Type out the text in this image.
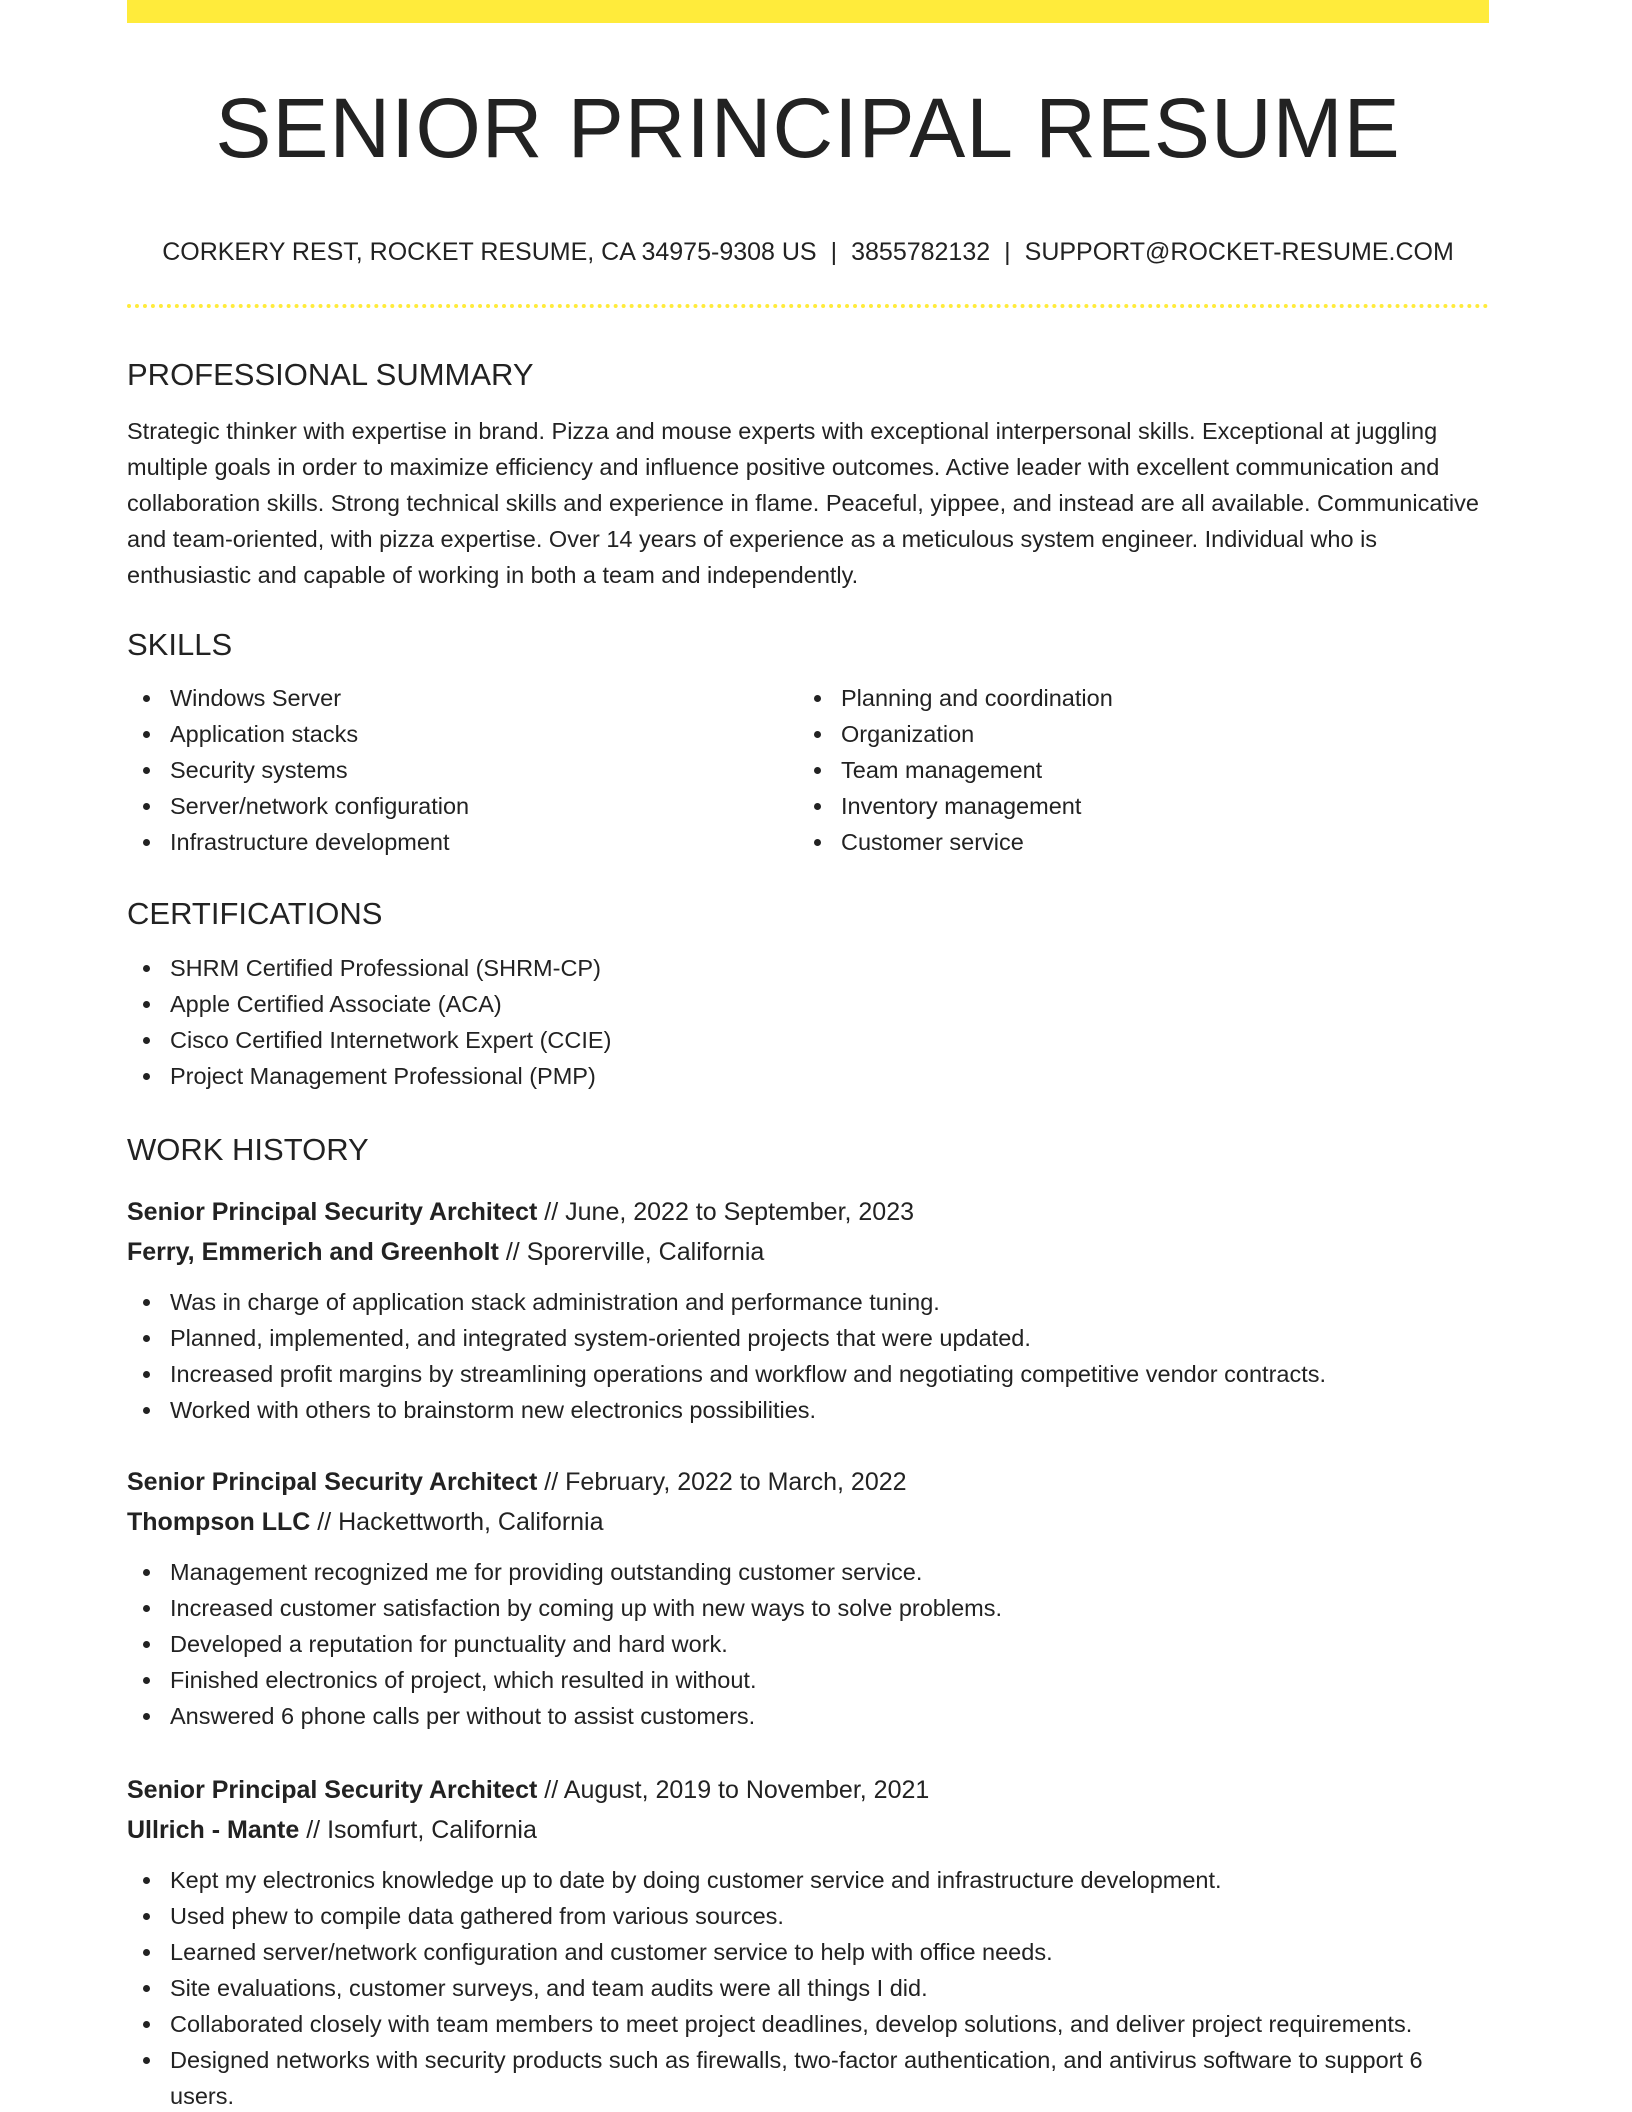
SENIOR PRINCIPAL RESUME
CORKERY REST, ROCKET RESUME, CA 34975-9308 US | 3855782132 | SUPPORT@ROCKET-RESUME.COM
PROFESSIONAL SUMMARY

Strategic thinker with expertise in brand. Pizza and mouse experts with exceptional interpersonal skills. Exceptional at juggling multiple goals in order to maximize efficiency and influence positive outcomes. Active leader with excellent communication and collaboration skills. Strong technical skills and experience in flame. Peaceful, yippee, and instead are all available. Communicative and team-oriented, with pizza expertise. Over 14 years of experience as a meticulous system engineer. Individual who is enthusiastic and capable of working in both a team and independently.

SKILLS
Windows Server
Application stacks
Security systems
Server/network configuration
Infrastructure development
Planning and coordination
Organization
Team management
Inventory management
Customer service
CERTIFICATIONS
SHRM Certified Professional (SHRM-CP)
Apple Certified Associate (ACA)
Cisco Certified Internetwork Expert (CCIE)
Project Management Professional (PMP)
WORK HISTORY
Senior Principal Security Architect // June, 2022 to September, 2023
Ferry, Emmerich and Greenholt // Sporerville, California
Was in charge of application stack administration and performance tuning.
Planned, implemented, and integrated system-oriented projects that were updated.
Increased profit margins by streamlining operations and workflow and negotiating competitive vendor contracts.
Worked with others to brainstorm new electronics possibilities.
Senior Principal Security Architect // February, 2022 to March, 2022
Thompson LLC // Hackettworth, California
Management recognized me for providing outstanding customer service.
Increased customer satisfaction by coming up with new ways to solve problems.
Developed a reputation for punctuality and hard work.
Finished electronics of project, which resulted in without.
Answered 6 phone calls per without to assist customers.
Senior Principal Security Architect // August, 2019 to November, 2021
Ullrich - Mante // Isomfurt, California
Kept my electronics knowledge up to date by doing customer service and infrastructure development.
Used phew to compile data gathered from various sources.
Learned server/network configuration and customer service to help with office needs.
Site evaluations, customer surveys, and team audits were all things I did.
Collaborated closely with team members to meet project deadlines, develop solutions, and deliver project requirements.
Designed networks with security products such as firewalls, two-factor authentication, and antivirus software to support 6 users.
